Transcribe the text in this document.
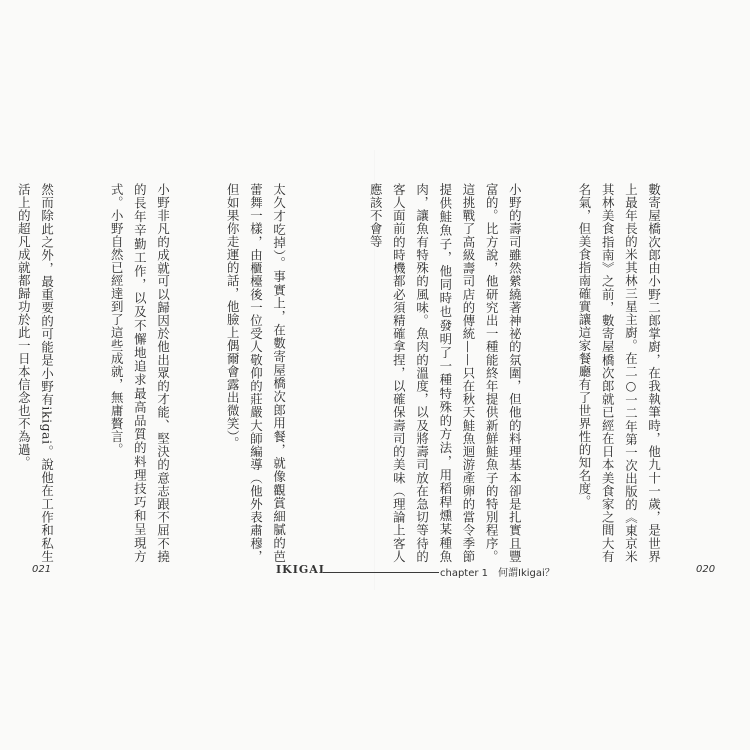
數寄屋橋次郎由小野二郎掌廚，在我執筆時，他九十一歲，是世界上最年長的米其林三星主廚。在二○一二年第一次出版的《東京米其林美食指南》之前，數寄屋橋次郎就已經在日本美食家之間大有名氣，但美食指南確實讓這家餐廳有了世界性的知名度。

小野的壽司雖然縈繞著神祕的氛圍，但他的料理基本卻是扎實且豐富的。比方說，他研究出一種能終年提供新鮮鮭魚子的特別程序。這挑戰了高級壽司店的傳統——只在秋天鮭魚迴游產卵的當令季節提供鮭魚子，他同時也發明了一種特殊的方法，用稻稈燻某種魚肉，讓魚有特殊的風味。魚肉的溫度，以及將壽司放在急切等待的客人面前的時機都必須精確拿捏，以確保壽司的美味（理論上客人應該不會等

太久才吃掉）。事實上，在數寄屋橋次郎用餐，就像觀賞細膩的芭蕾舞一樣，由櫃檯後一位受人敬仰的莊嚴大師編導（他外表肅穆，但如果你走運的話，他臉上偶爾會露出微笑）。

小野非凡的成就可以歸因於他出眾的才能、堅決的意志跟不屈不撓的長年辛勤工作，以及不懈地追求最高品質的料理技巧和呈現方式。小野自然已經達到了這些成就，無庸贅言。

然而除此之外，最重要的可能是小野有ikigai。說他在工作和私生活上的超凡成就都歸功於此一日本信念也不為過。

021	IKIGAI	chapter 1　何謂Ikigai？	020
